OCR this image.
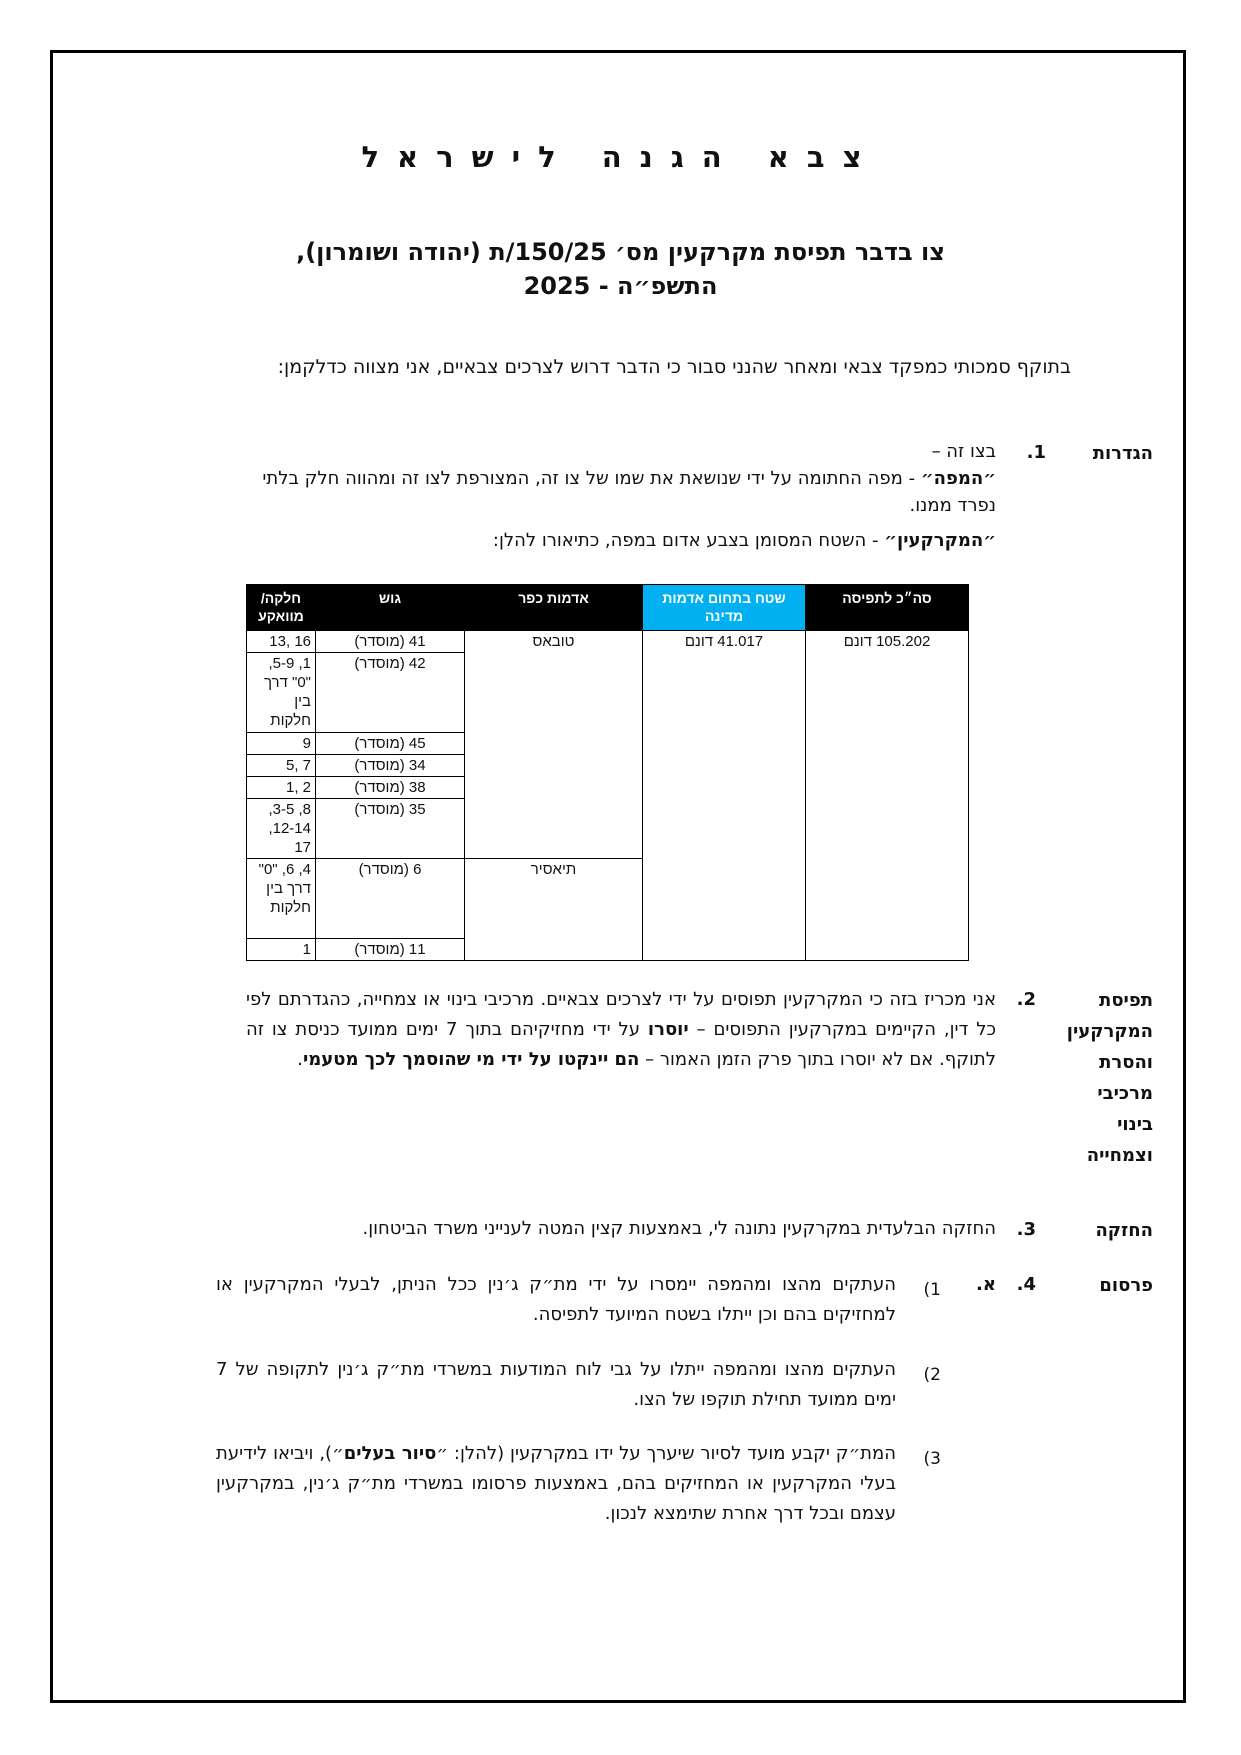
צבא הגנה לישראל
צו בדבר תפיסת מקרקעין מס׳ 150/25/ת (יהודה ושומרון),
התשפ״ה - 2025
בתוקף סמכותי כמפקד צבאי ומאחר שהנני סבור כי הדבר דרוש לצרכים צבאיים, אני מצווה כדלקמן:
הגדרות
1.
בצו זה –
״המפה״ - מפה החתומה על ידי שנושאת את שמו של צו זה, המצורפת לצו זה ומהווה חלק בלתי נפרד ממנו.
״המקרקעין״ - השטח המסומן בצבע אדום במפה, כתיאורו להלן:
סה״כ לתפיסה	שטח בתחום אדמות מדינה	אדמות כפר	גוש	חלקה/ מוואקע
105.202 דונם	41.017 דונם	טובאס	41 (מוסדר)	16 ,13
			42 (מוסדר)	1, 5-9, "0" דרך בין חלקות
			45 (מוסדר)	9
			34 (מוסדר)	7 ,5
			38 (מוסדר)	2 ,1
			35 (מוסדר)	8, 3-5, 12-14, 17
		תיאסיר	6 (מוסדר)	4, 6, "0" דרך בין חלקות
			11 (מוסדר)	1
תפיסת
המקרקעין
והסרת
מרכיבי
בינוי
וצמחייה
2.
אני מכריז בזה כי המקרקעין תפוסים על ידי לצרכים צבאיים. מרכיבי בינוי או צמחייה, כהגדרתם לפי כל דין, הקיימים במקרקעין התפוסים – יוסרו על ידי מחזיקיהם בתוך 7 ימים ממועד כניסת צו זה לתוקף. אם לא יוסרו בתוך פרק הזמן האמור – הם יינקטו על ידי מי שהוסמך לכך מטעמי.
החזקה
3.
החזקה הבלעדית במקרקעין נתונה לי, באמצעות קצין המטה לענייני משרד הביטחון.
פרסום
4.
א.
1)
העתקים מהצו ומהמפה יימסרו על ידי מת״ק ג׳נין ככל הניתן, לבעלי המקרקעין או למחזיקים בהם וכן ייתלו בשטח המיועד לתפיסה.
2)
העתקים מהצו ומהמפה ייתלו על גבי לוח המודעות במשרדי מת״ק ג׳נין לתקופה של 7 ימים ממועד תחילת תוקפו של הצו.
3)
המת״ק יקבע מועד לסיור שיערך על ידו במקרקעין (להלן: ״סיור בעלים״), ויביאו לידיעת בעלי המקרקעין או המחזיקים בהם, באמצעות פרסומו במשרדי מת״ק ג׳נין, במקרקעין עצמם ובכל דרך אחרת שתימצא לנכון.
